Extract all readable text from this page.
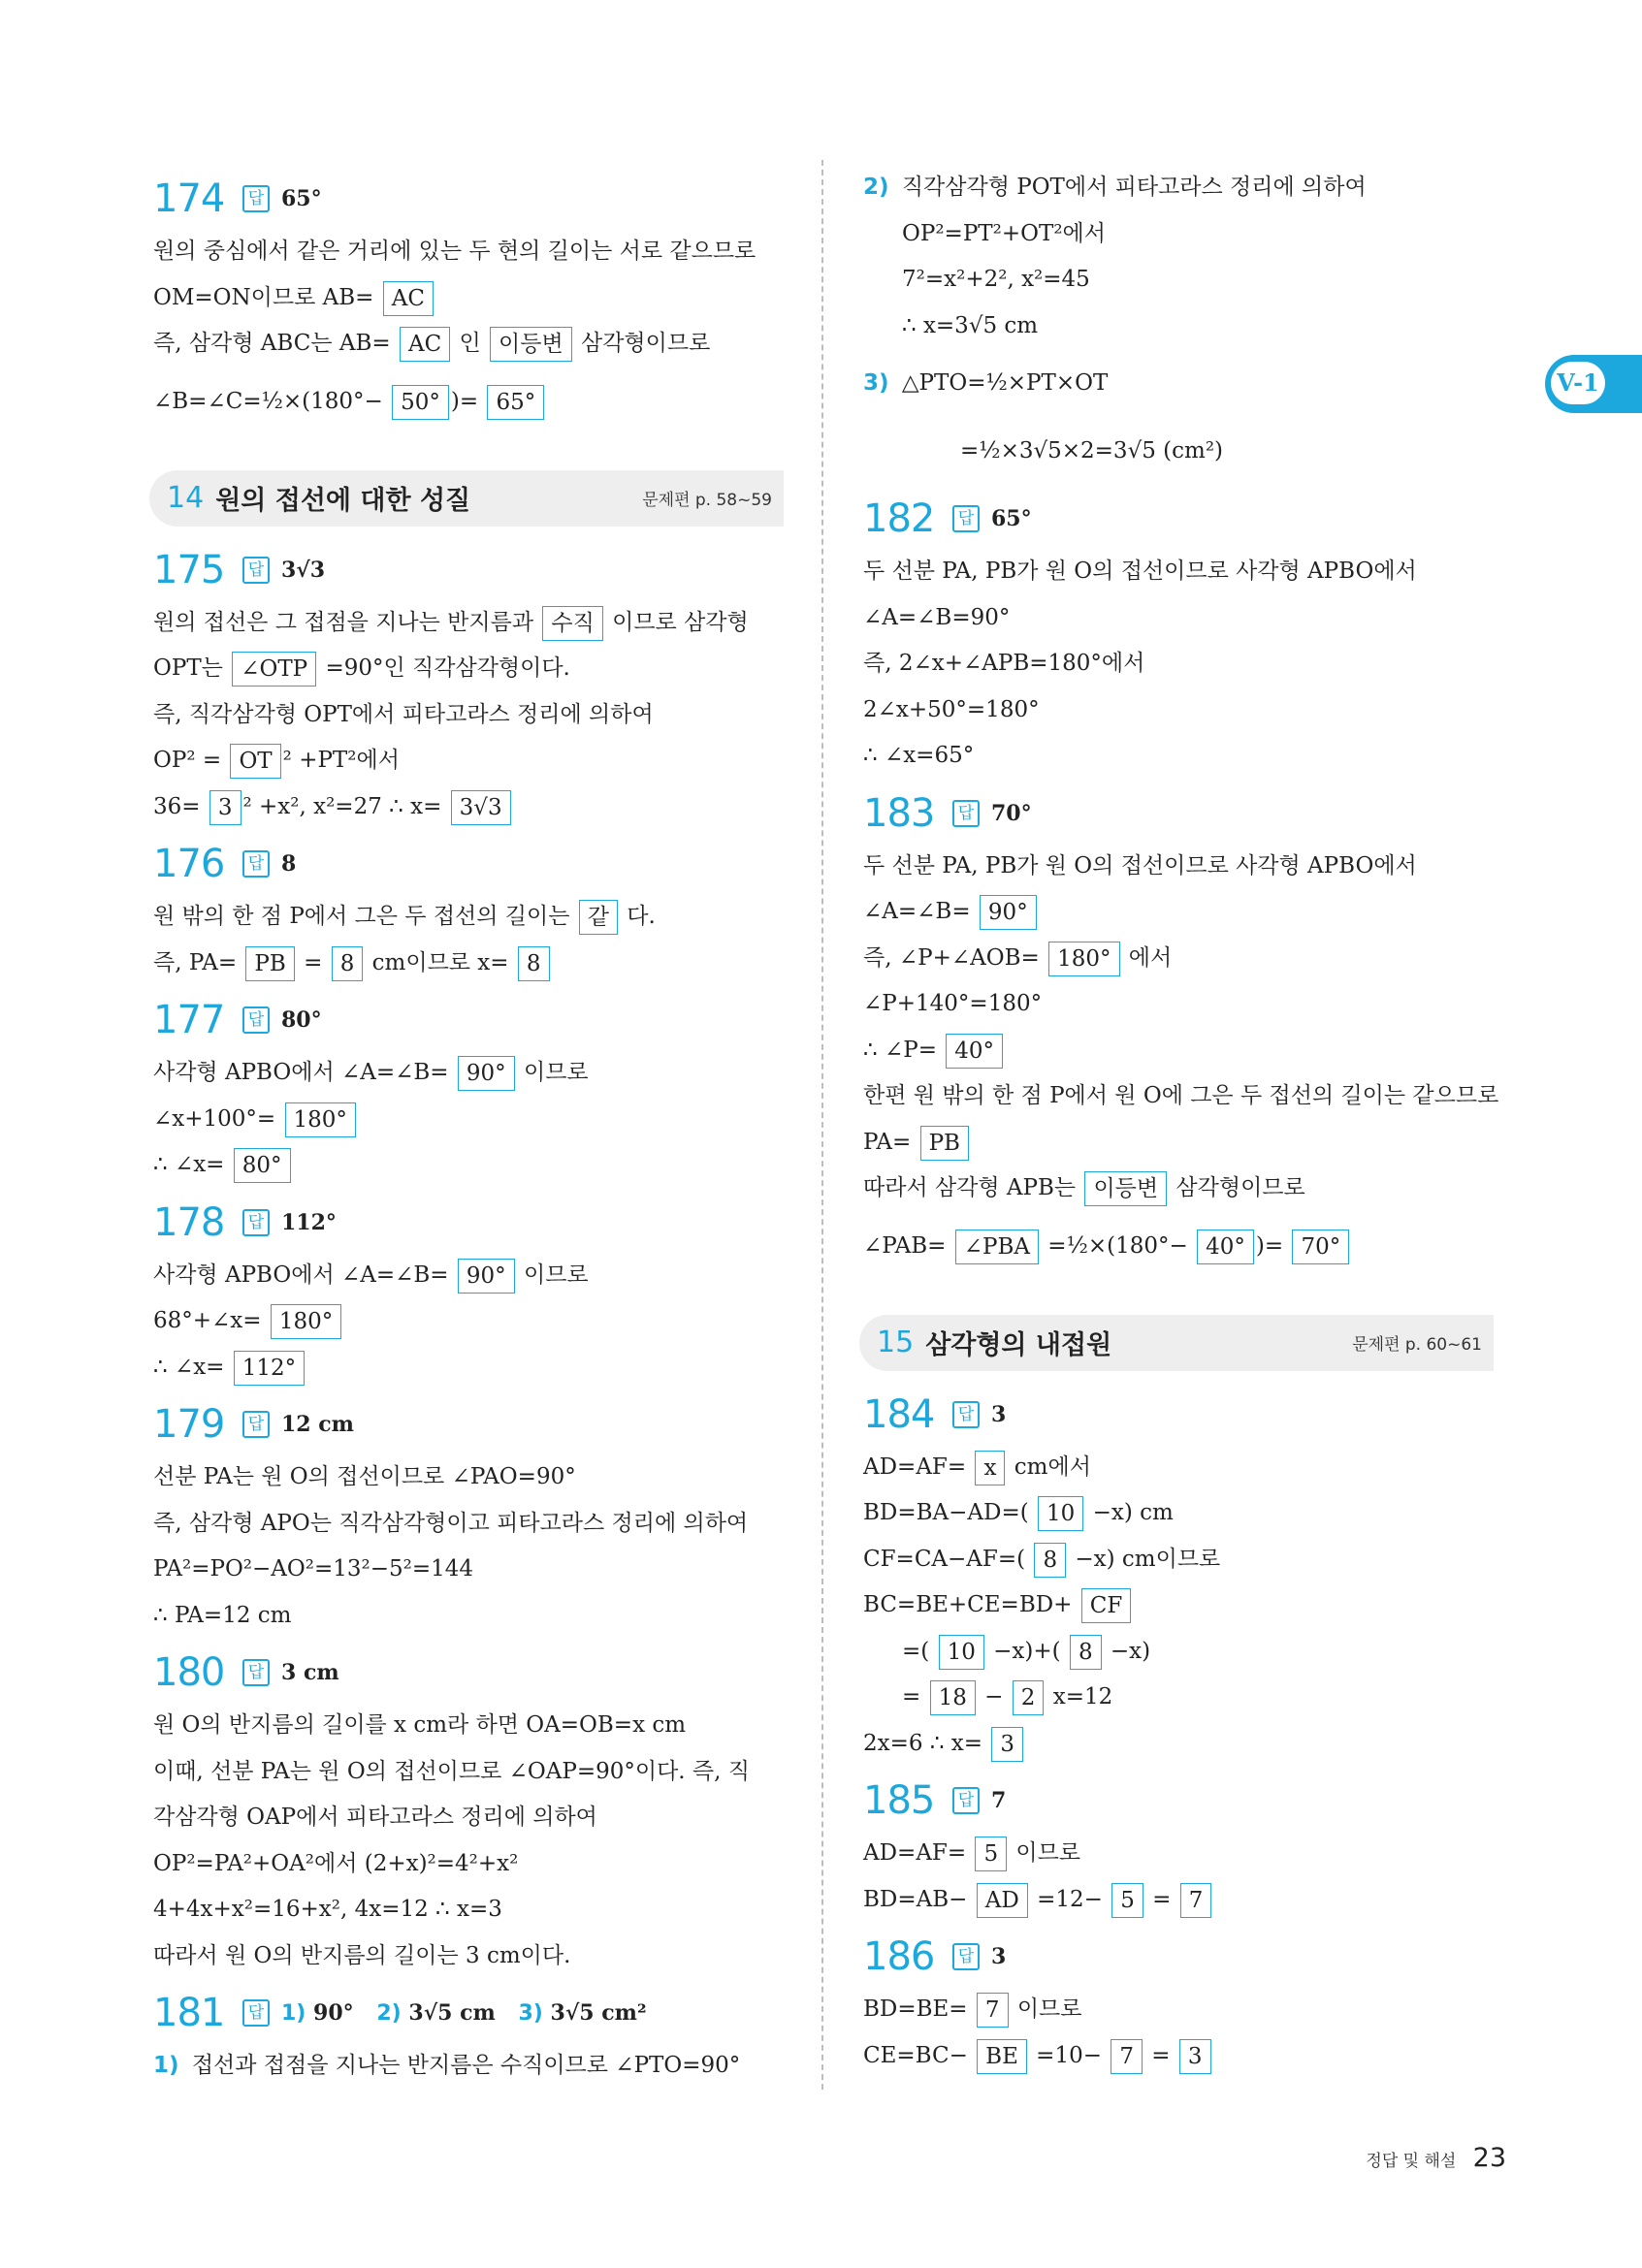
V-1
174	답 65°
원의 중심에서 같은 거리에 있는 두 현의 길이는 서로 같으므로
OM=ON이므로 AB= AC
즉, 삼각형 ABC는 AB= AC 인 이등변 삼각형이므로
∠B=∠C=½×(180°− 50° )= 65°
14 원의 접선에 대한 성질	문제편 p. 58~59
175	답 3√3
원의 접선은 그 접점을 지나는 반지름과 수직 이므로 삼각형
OPT는 ∠OTP =90°인 직각삼각형이다.
즉, 직각삼각형 OPT에서 피타고라스 정리에 의하여
OP² = OT ² +PT²에서
36= 3 ² +x², x²=27 ∴ x= 3√3
176	답 8
원 밖의 한 점 P에서 그은 두 접선의 길이는 같 다.
즉, PA= PB = 8 cm이므로 x= 8
177	답 80°
사각형 APBO에서 ∠A=∠B= 90° 이므로
∠x+100°= 180°
∴ ∠x= 80°
178	답 112°
사각형 APBO에서 ∠A=∠B= 90° 이므로
68°+∠x= 180°
∴ ∠x= 112°
179	답 12 cm
선분 PA는 원 O의 접선이므로 ∠PAO=90°
즉, 삼각형 APO는 직각삼각형이고 피타고라스 정리에 의하여
PA²=PO²−AO²=13²−5²=144
∴ PA=12 cm
180	답 3 cm
원 O의 반지름의 길이를 x cm라 하면 OA=OB=x cm
이때, 선분 PA는 원 O의 접선이므로 ∠OAP=90°이다. 즉, 직
각삼각형 OAP에서 피타고라스 정리에 의하여
OP²=PA²+OA²에서 (2+x)²=4²+x²
4+4x+x²=16+x², 4x=12 ∴ x=3
따라서 원 O의 반지름의 길이는 3 cm이다.
181	답 1) 90° 2) 3√5 cm 3) 3√5 cm²
1) 접선과 접점을 지나는 반지름은 수직이므로 ∠PTO=90°
2) 직각삼각형 POT에서 피타고라스 정리에 의하여
OP²=PT²+OT²에서
7²=x²+2², x²=45
∴ x=3√5 cm
3) △PTO=½×PT×OT
=½×3√5×2=3√5 (cm²)
182	답 65°
두 선분 PA, PB가 원 O의 접선이므로 사각형 APBO에서
∠A=∠B=90°
즉, 2∠x+∠APB=180°에서
2∠x+50°=180°
∴ ∠x=65°
183	답 70°
두 선분 PA, PB가 원 O의 접선이므로 사각형 APBO에서
∠A=∠B= 90°
즉, ∠P+∠AOB= 180° 에서
∠P+140°=180°
∴ ∠P= 40°
한편 원 밖의 한 점 P에서 원 O에 그은 두 접선의 길이는 같으므로
PA= PB
따라서 삼각형 APB는 이등변 삼각형이므로
∠PAB= ∠PBA =½×(180°− 40° )= 70°
15 삼각형의 내접원	문제편 p. 60~61
184	답 3
AD=AF= x cm에서
BD=BA−AD=( 10 −x) cm
CF=CA−AF=( 8 −x) cm이므로
BC=BE+CE=BD+ CF
=( 10 −x)+( 8 −x)
= 18 − 2 x=12
2x=6 ∴ x= 3
185	답 7
AD=AF= 5 이므로
BD=AB− AD =12− 5 = 7
186	답 3
BD=BE= 7 이므로
CE=BC− BE =10− 7 = 3
정답 및 해설 23
